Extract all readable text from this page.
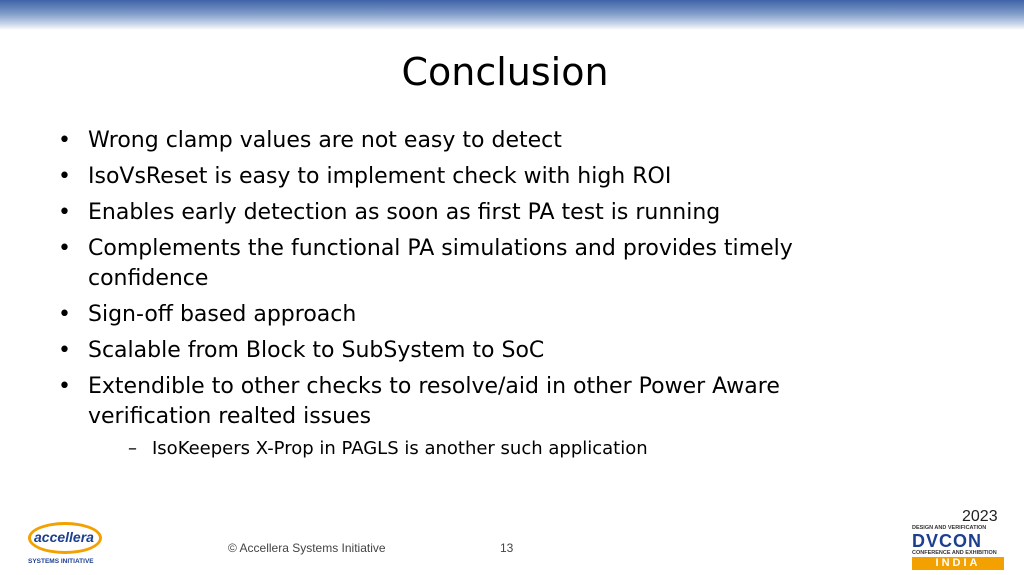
Conclusion
• Wrong clamp values are not easy to detect
• IsoVsReset is easy to implement check with high ROI
• Enables early detection as soon as first PA test is running
• Complements the functional PA simulations and provides timely confidence
• Sign-off based approach
• Scalable from Block to SubSystem to SoC
• Extendible to other checks to resolve/aid in other Power Aware verification realted issues
– IsoKeepers X-Prop in PAGLS is another such application
accellera
SYSTEMS INITIATIVE
© Accellera Systems Initiative	13
2023
DESIGN AND VERIFICATION
DVCON
CONFERENCE AND EXHIBITION
INDIA
